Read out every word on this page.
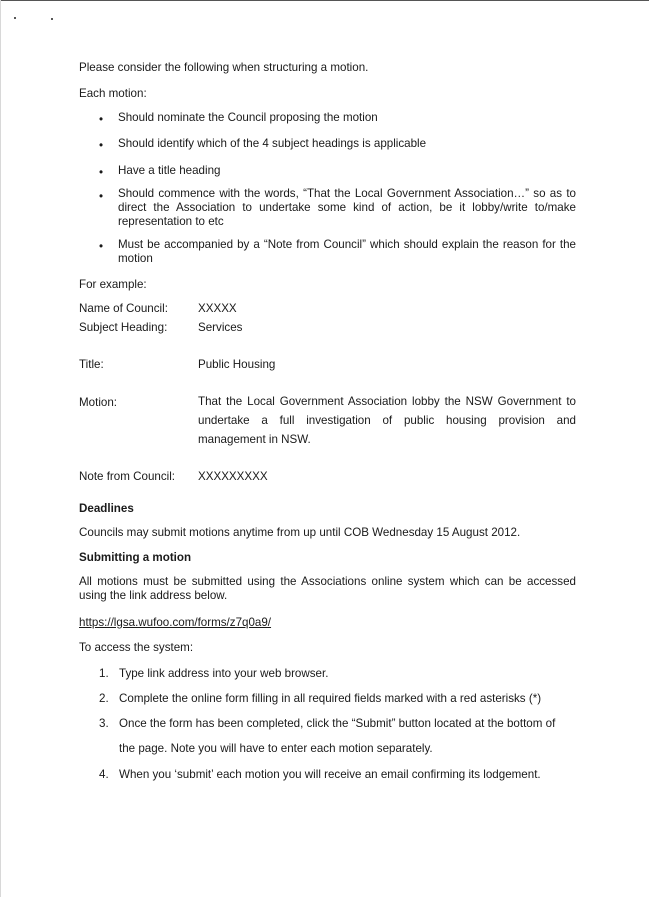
Please consider the following when structuring a motion.
Each motion:
• Should nominate the Council proposing the motion
• Should identify which of the 4 subject headings is applicable
• Have a title heading
• Should commence with the words, “That the Local Government Association…” so as to direct the Association to undertake some kind of action, be it lobby/write to/make representation to etc
• Must be accompanied by a “Note from Council” which should explain the reason for the motion
For example:
Name of Council:	XXXXX
Subject Heading:	Services
Title:	Public Housing
Motion:	That the Local Government Association lobby the NSW Government to undertake a full investigation of public housing provision and management in NSW.
Note from Council: XXXXXXXXX
Deadlines
Councils may submit motions anytime from up until COB Wednesday 15 August 2012.
Submitting a motion
All motions must be submitted using the Associations online system which can be accessed using the link address below.
https://lgsa.wufoo.com/forms/z7q0a9/
To access the system:
1. Type link address into your web browser.
2. Complete the online form filling in all required fields marked with a red asterisks (*)
3. Once the form has been completed, click the “Submit” button located at the bottom of
the page. Note you will have to enter each motion separately.
4. When you ‘submit’ each motion you will receive an email confirming its lodgement.
